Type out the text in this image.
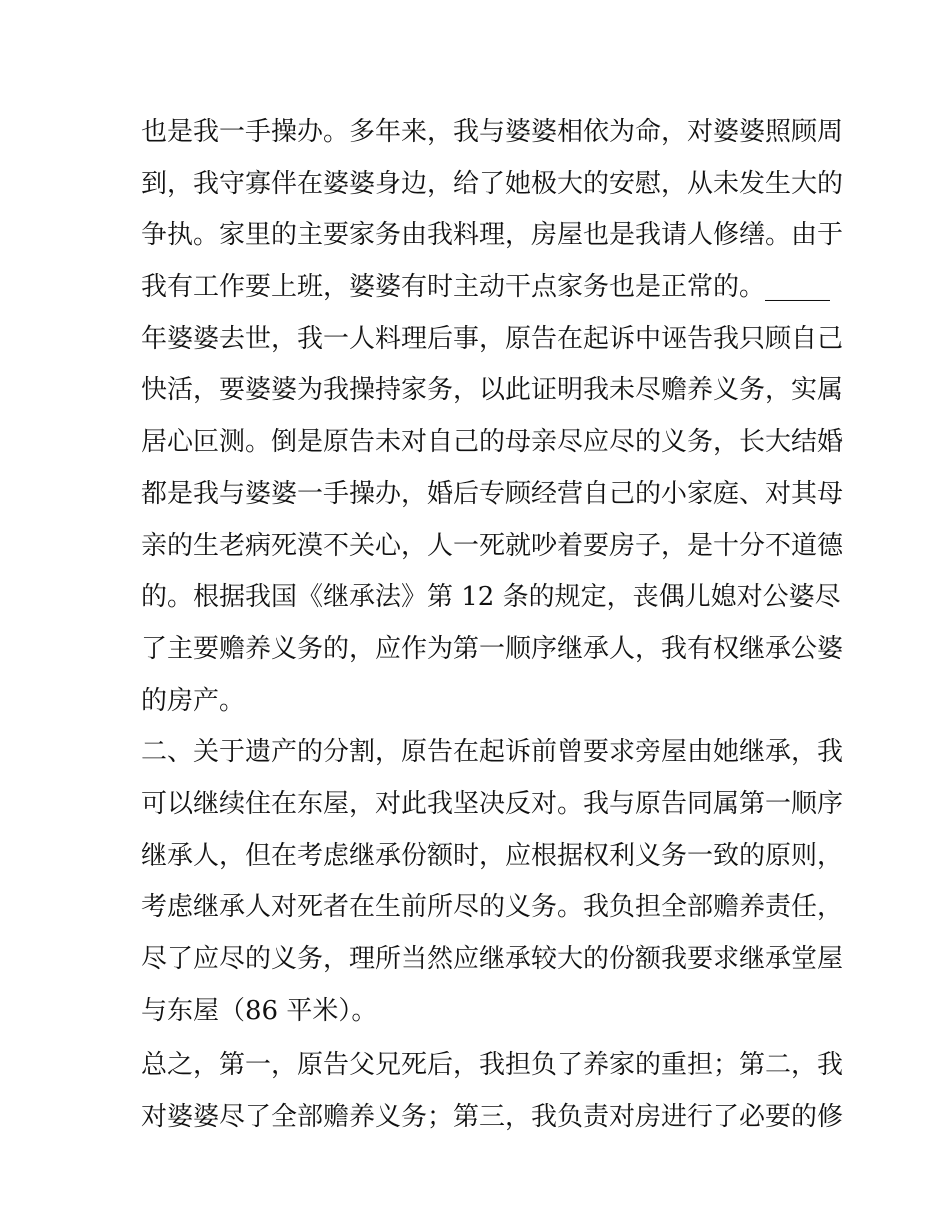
也是我一手操办。多年来，我与婆婆相依为命，对婆婆照顾周

到，我守寡伴在婆婆身边，给了她极大的安慰，从未发生大的

争执。家里的主要家务由我料理，房屋也是我请人修缮。由于

我有工作要上班，婆婆有时主动干点家务也是正常的。_____

年婆婆去世，我一人料理后事，原告在起诉中诬告我只顾自己

快活，要婆婆为我操持家务，以此证明我未尽赡养义务，实属

居心叵测。倒是原告未对自己的母亲尽应尽的义务，长大结婚

都是我与婆婆一手操办，婚后专顾经营自己的小家庭、对其母

亲的生老病死漠不关心，人一死就吵着要房子，是十分不道德

的。根据我国《继承法》第 12 条的规定，丧偶儿媳对公婆尽

了主要赡养义务的，应作为第一顺序继承人，我有权继承公婆

的房产。

二、关于遗产的分割，原告在起诉前曾要求旁屋由她继承，我

可以继续住在东屋，对此我坚决反对。我与原告同属第一顺序

继承人，但在考虑继承份额时，应根据权利义务一致的原则，

考虑继承人对死者在生前所尽的义务。我负担全部赡养责任，

尽了应尽的义务，理所当然应继承较大的份额我要求继承堂屋

与东屋（86 平米）。

总之，第一，原告父兄死后，我担负了养家的重担；第二，我

对婆婆尽了全部赡养义务；第三，我负责对房进行了必要的修
